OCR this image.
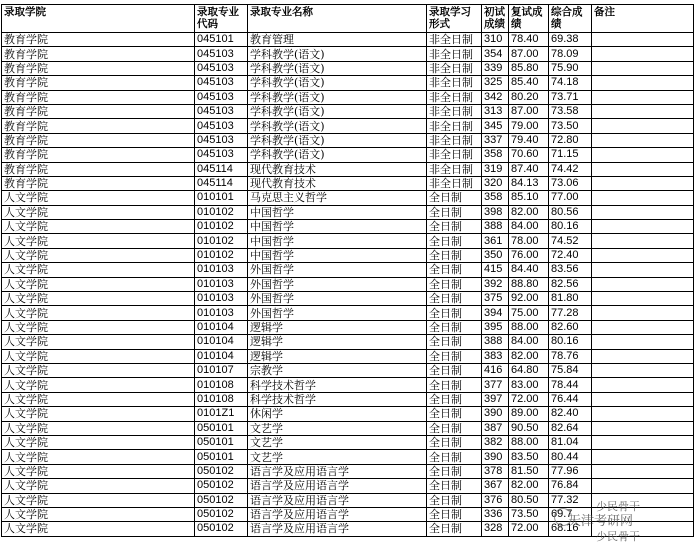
录取学院	录取专业代码	录取专业名称	录取学习形式	初试成绩	复试成绩	综合成绩	备注
教育学院	045101	教育管理	非全日制	310	78.40	69.38	
教育学院	045103	学科教学(语文)	非全日制	354	87.00	78.09	
教育学院	045103	学科教学(语文)	非全日制	339	85.80	75.90	
教育学院	045103	学科教学(语文)	非全日制	325	85.40	74.18	
教育学院	045103	学科教学(语文)	非全日制	342	80.20	73.71	
教育学院	045103	学科教学(语文)	非全日制	313	87.00	73.58	
教育学院	045103	学科教学(语文)	非全日制	345	79.00	73.50	
教育学院	045103	学科教学(语文)	非全日制	337	79.40	72.80	
教育学院	045103	学科教学(语文)	非全日制	358	70.60	71.15	
教育学院	045114	现代教育技术	非全日制	319	87.40	74.42	
教育学院	045114	现代教育技术	非全日制	320	84.13	73.06	
人文学院	010101	马克思主义哲学	全日制	358	85.10	77.00	
人文学院	010102	中国哲学	全日制	398	82.00	80.56	
人文学院	010102	中国哲学	全日制	388	84.00	80.16	
人文学院	010102	中国哲学	全日制	361	78.00	74.52	
人文学院	010102	中国哲学	全日制	350	76.00	72.40	
人文学院	010103	外国哲学	全日制	415	84.40	83.56	
人文学院	010103	外国哲学	全日制	392	88.80	82.56	
人文学院	010103	外国哲学	全日制	375	92.00	81.80	
人文学院	010103	外国哲学	全日制	394	75.00	77.28	
人文学院	010104	逻辑学	全日制	395	88.00	82.60	
人文学院	010104	逻辑学	全日制	388	84.00	80.16	
人文学院	010104	逻辑学	全日制	383	82.00	78.76	
人文学院	010107	宗教学	全日制	416	64.80	75.84	
人文学院	010108	科学技术哲学	全日制	377	83.00	78.44	
人文学院	010108	科学技术哲学	全日制	397	72.00	76.44	
人文学院	0101Z1	休闲学	全日制	390	89.00	82.40	
人文学院	050101	文艺学	全日制	387	90.50	82.64	
人文学院	050101	文艺学	全日制	382	88.00	81.04	
人文学院	050101	文艺学	全日制	390	83.50	80.44	
人文学院	050102	语言学及应用语言学	全日制	378	81.50	77.96	
人文学院	050102	语言学及应用语言学	全日制	367	82.00	76.84	
人文学院	050102	语言学及应用语言学	全日制	376	80.50	77.32	
人文学院	050102	语言学及应用语言学	全日制	336	73.50	69.7	
人文学院	050102	语言学及应用语言学	全日制	328	72.00	68.16	
少民骨干
天津考研网
少民骨干
